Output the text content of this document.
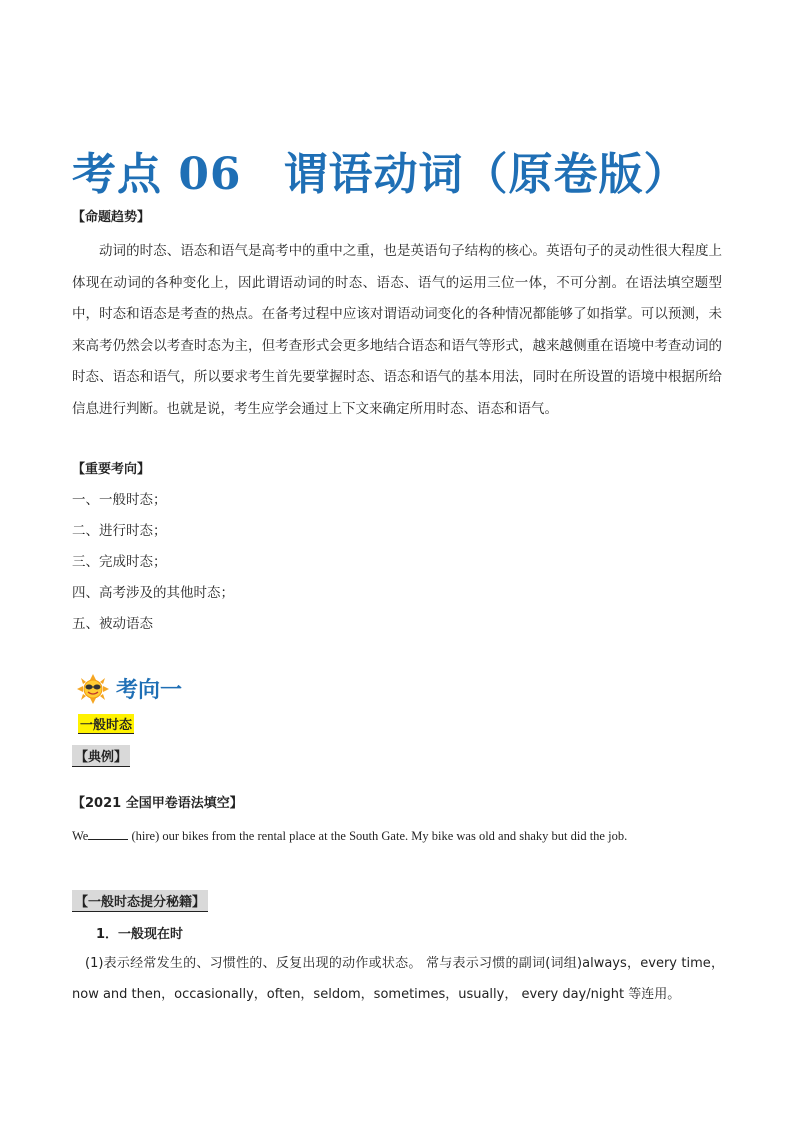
考点 06 谓语动词（原卷版）
【命题趋势】

动词的时态、语态和语气是高考中的重中之重，也是英语句子结构的核心。英语句子的灵动性很大程度上体现在动词的各种变化上，因此谓语动词的时态、语态、语气的运用三位一体，不可分割。在语法填空题型中，时态和语态是考查的热点。在备考过程中应该对谓语动词变化的各种情况都能够了如指掌。可以预测，未来高考仍然会以考查时态为主，但考查形式会更多地结合语态和语气等形式，越来越侧重在语境中考查动词的时态、语态和语气，所以要求考生首先要掌握时态、语态和语气的基本用法，同时在所设置的语境中根据所给信息进行判断。也就是说，考生应学会通过上下文来确定所用时态、语态和语气。

【重要考向】
一、一般时态；
二、进行时态；
三、完成时态；
四、高考涉及的其他时态；
五、被动语态
考向一
一般时态
【典例】
【2021 全国甲卷语法填空】
We	(hire) our bikes from the rental place at the South Gate. My bike was old and shaky but did the job.
【一般时态提分秘籍】
1．一般现在时

(1)表示经常发生的、习惯性的、反复出现的动作或状态。 常与表示习惯的副词(词组)always，every time，now and then，occasionally，often，seldom，sometimes，usually， every day/night 等连用。
